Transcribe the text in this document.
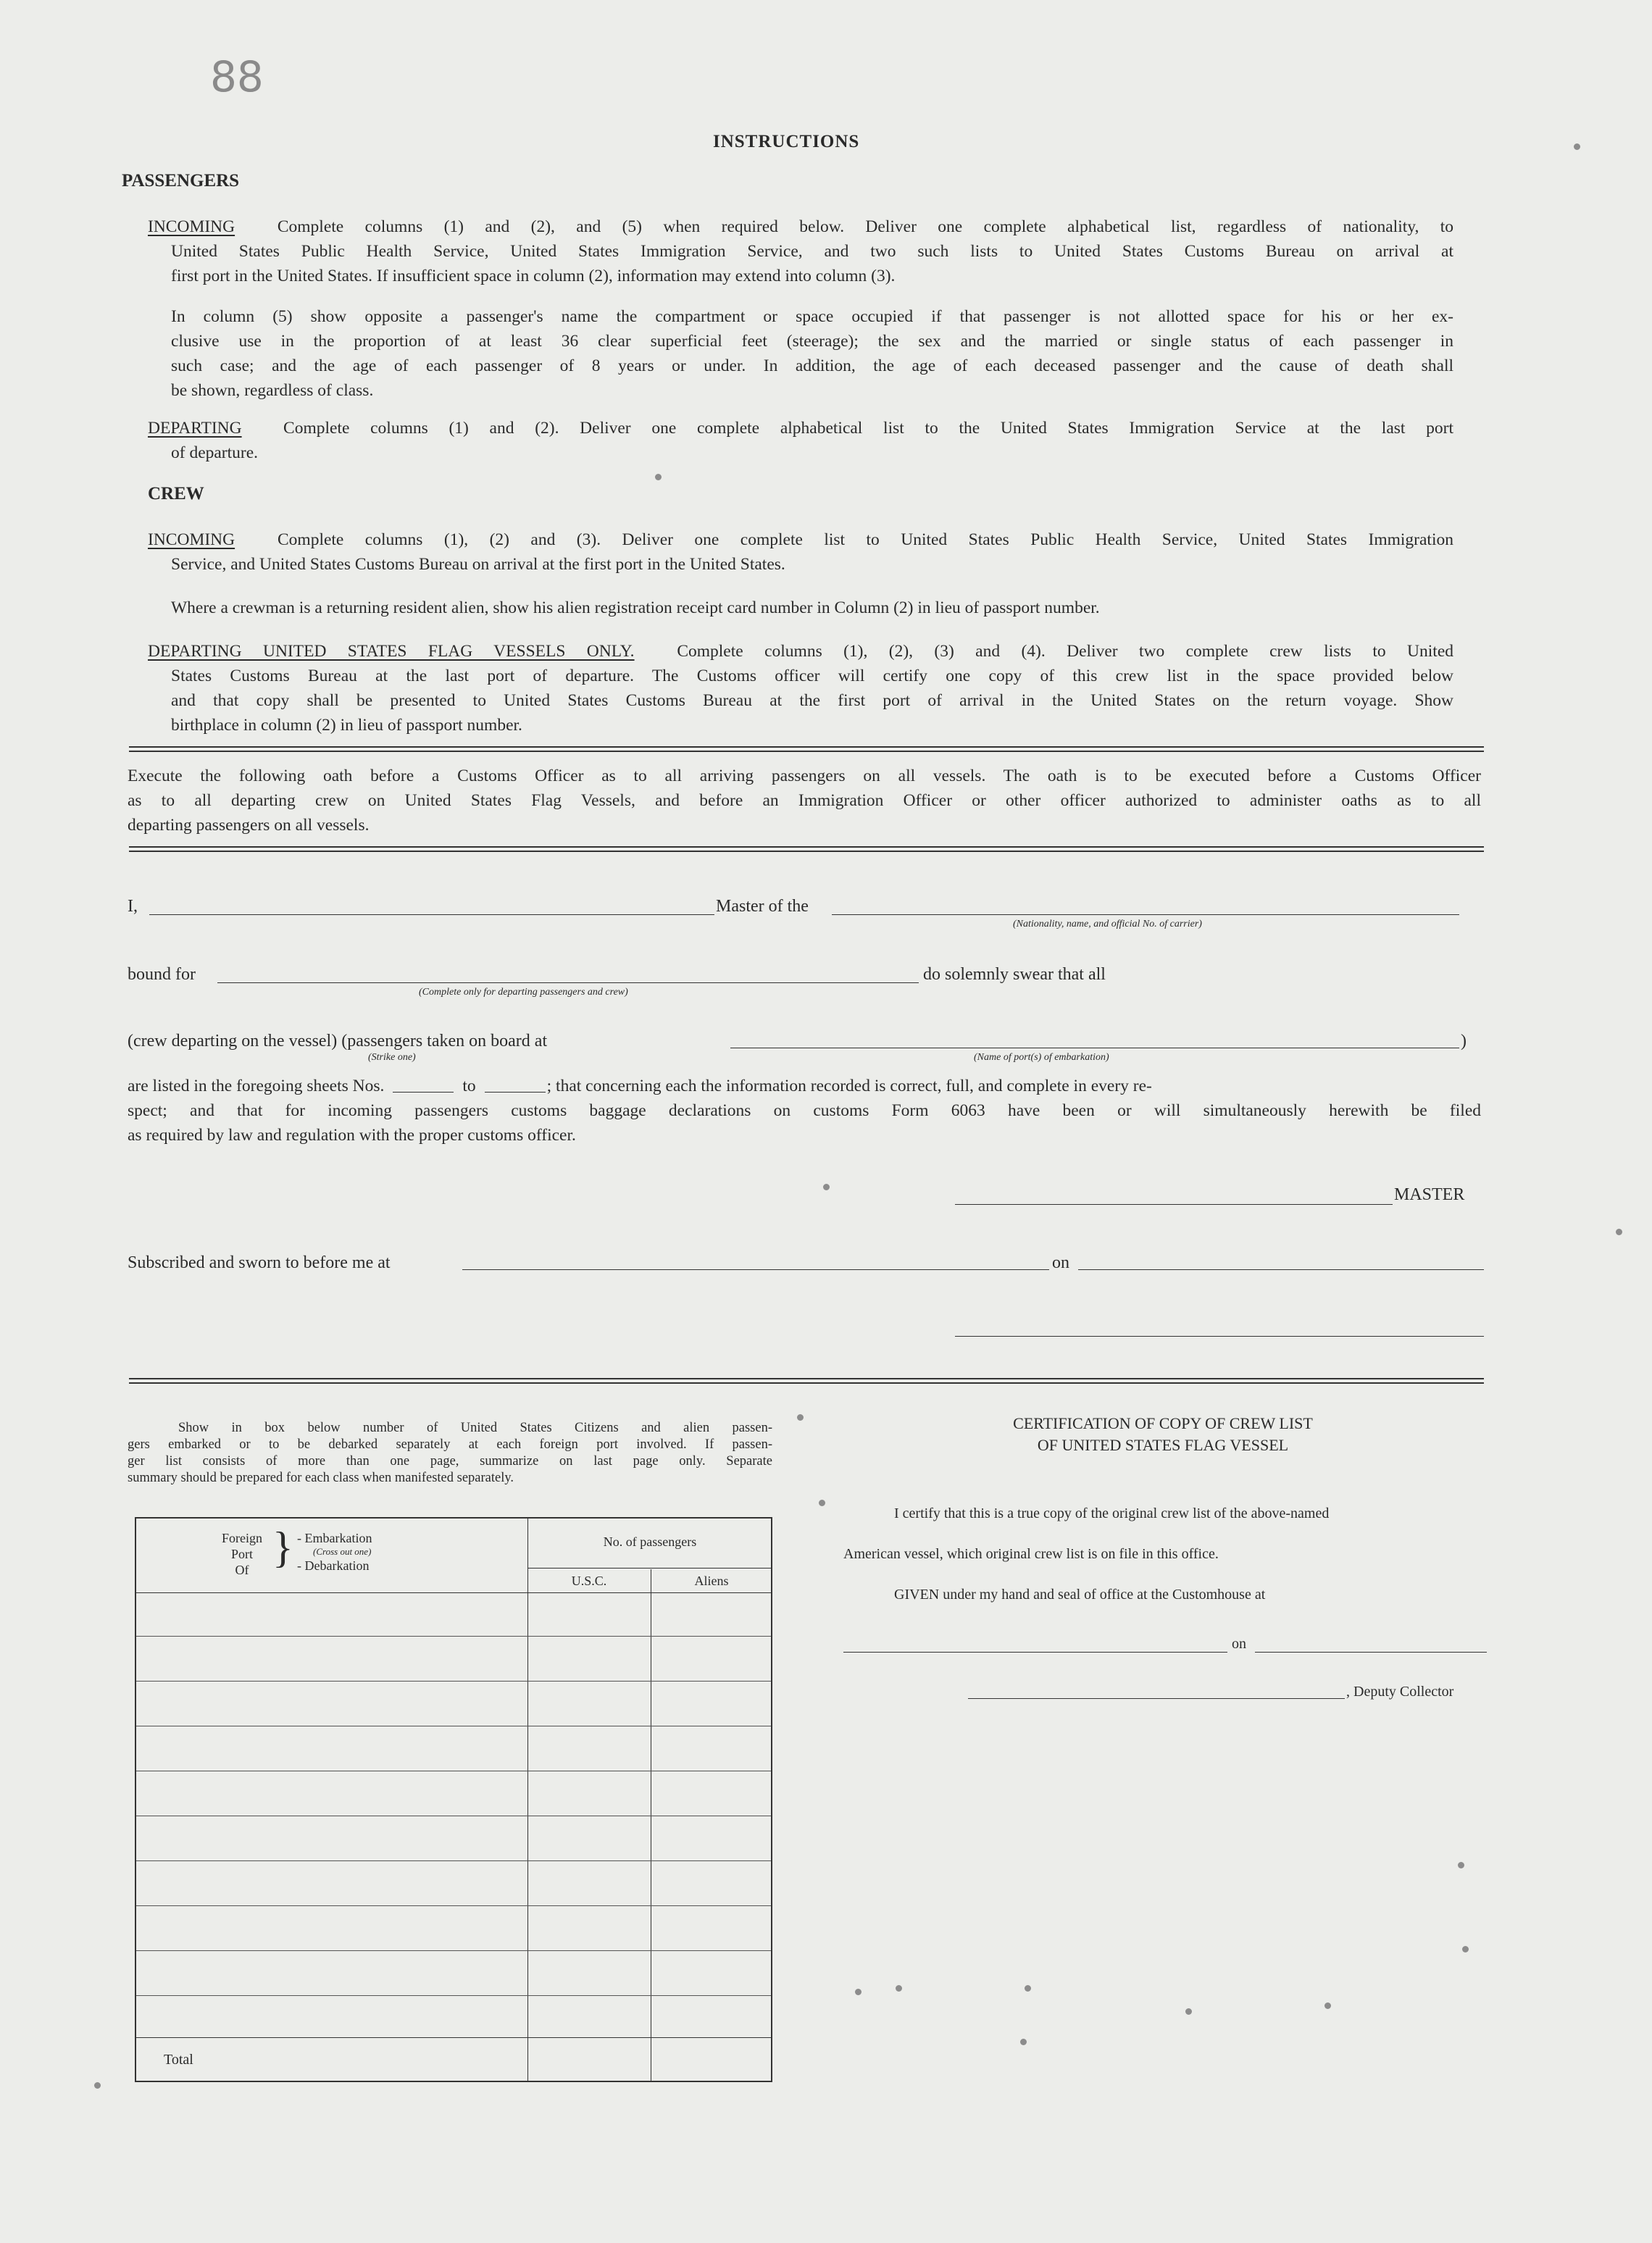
88
INSTRUCTIONS
PASSENGERS
INCOMING Complete columns (1) and (2), and (5) when required below. Deliver one complete alphabetical list, regardless of nationality, to
United States Public Health Service, United States Immigration Service, and two such lists to United States Customs Bureau on arrival at
first port in the United States. If insufficient space in column (2), information may extend into column (3).
In column (5) show opposite a passenger's name the compartment or space occupied if that passenger is not allotted space for his or her ex-
clusive use in the proportion of at least 36 clear superficial feet (steerage); the sex and the married or single status of each passenger in
such case; and the age of each passenger of 8 years or under. In addition, the age of each deceased passenger and the cause of death shall
be shown, regardless of class.
DEPARTING Complete columns (1) and (2). Deliver one complete alphabetical list to the United States Immigration Service at the last port
of departure.
CREW
INCOMING	Complete columns (1), (2) and (3). Deliver one complete list to United States Public Health Service, United States Immigration
Service, and United States Customs Bureau on arrival at the first port in the United States.
Where a crewman is a returning resident alien, show his alien registration receipt card number in Column (2) in lieu of passport number.
DEPARTING UNITED STATES FLAG VESSELS ONLY.	Complete columns (1), (2), (3) and (4). Deliver two complete crew lists to United
States Customs Bureau at the last port of departure. The Customs officer will certify one copy of this crew list in the space provided below
and that copy shall be presented to United States Customs Bureau at the first port of arrival in the United States on the return voyage. Show
birthplace in column (2) in lieu of passport number.
Execute the following oath before a Customs Officer as to all arriving passengers on all vessels. The oath is to be executed before a Customs Officer
as to all departing crew on United States Flag Vessels, and before an Immigration Officer or other officer authorized to administer oaths as to all
departing passengers on all vessels.
I,	Master of the
(Nationality, name, and official No. of carrier)
bound for
(Complete only for departing passengers and crew)
do solemnly swear that all
(crew departing on the vessel) (passengers taken on board at
(Strike one)
)
(Name of port(s) of embarkation)
are listed in the foregoing sheets Nos.	to	; that concerning each the information recorded is correct, full, and complete in every re-
spect; and that for incoming passengers customs baggage declarations on customs Form 6063 have been or will simultaneously herewith be filed
as required by law and regulation with the proper customs officer.
MASTER
Subscribed and sworn to before me at	on
Show in box below number of United States Citizens and alien passen-
gers embarked or to be debarked separately at each foreign port involved. If passen-
ger list consists of more than one page, summarize on last page only. Separate
summary should be prepared for each class when manifested separately.
Foreign
Port
Of } - Embarkation
(Cross out one)
- Debarkation
No. of passengers
U.S.C.	Aliens
Total
CERTIFICATION OF COPY OF CREW LIST
OF UNITED STATES FLAG VESSEL
I certify that this is a true copy of the original crew list of the above-named
American vessel, which original crew list is on file in this office.
GIVEN under my hand and seal of office at the Customhouse at
on
, Deputy Collector
